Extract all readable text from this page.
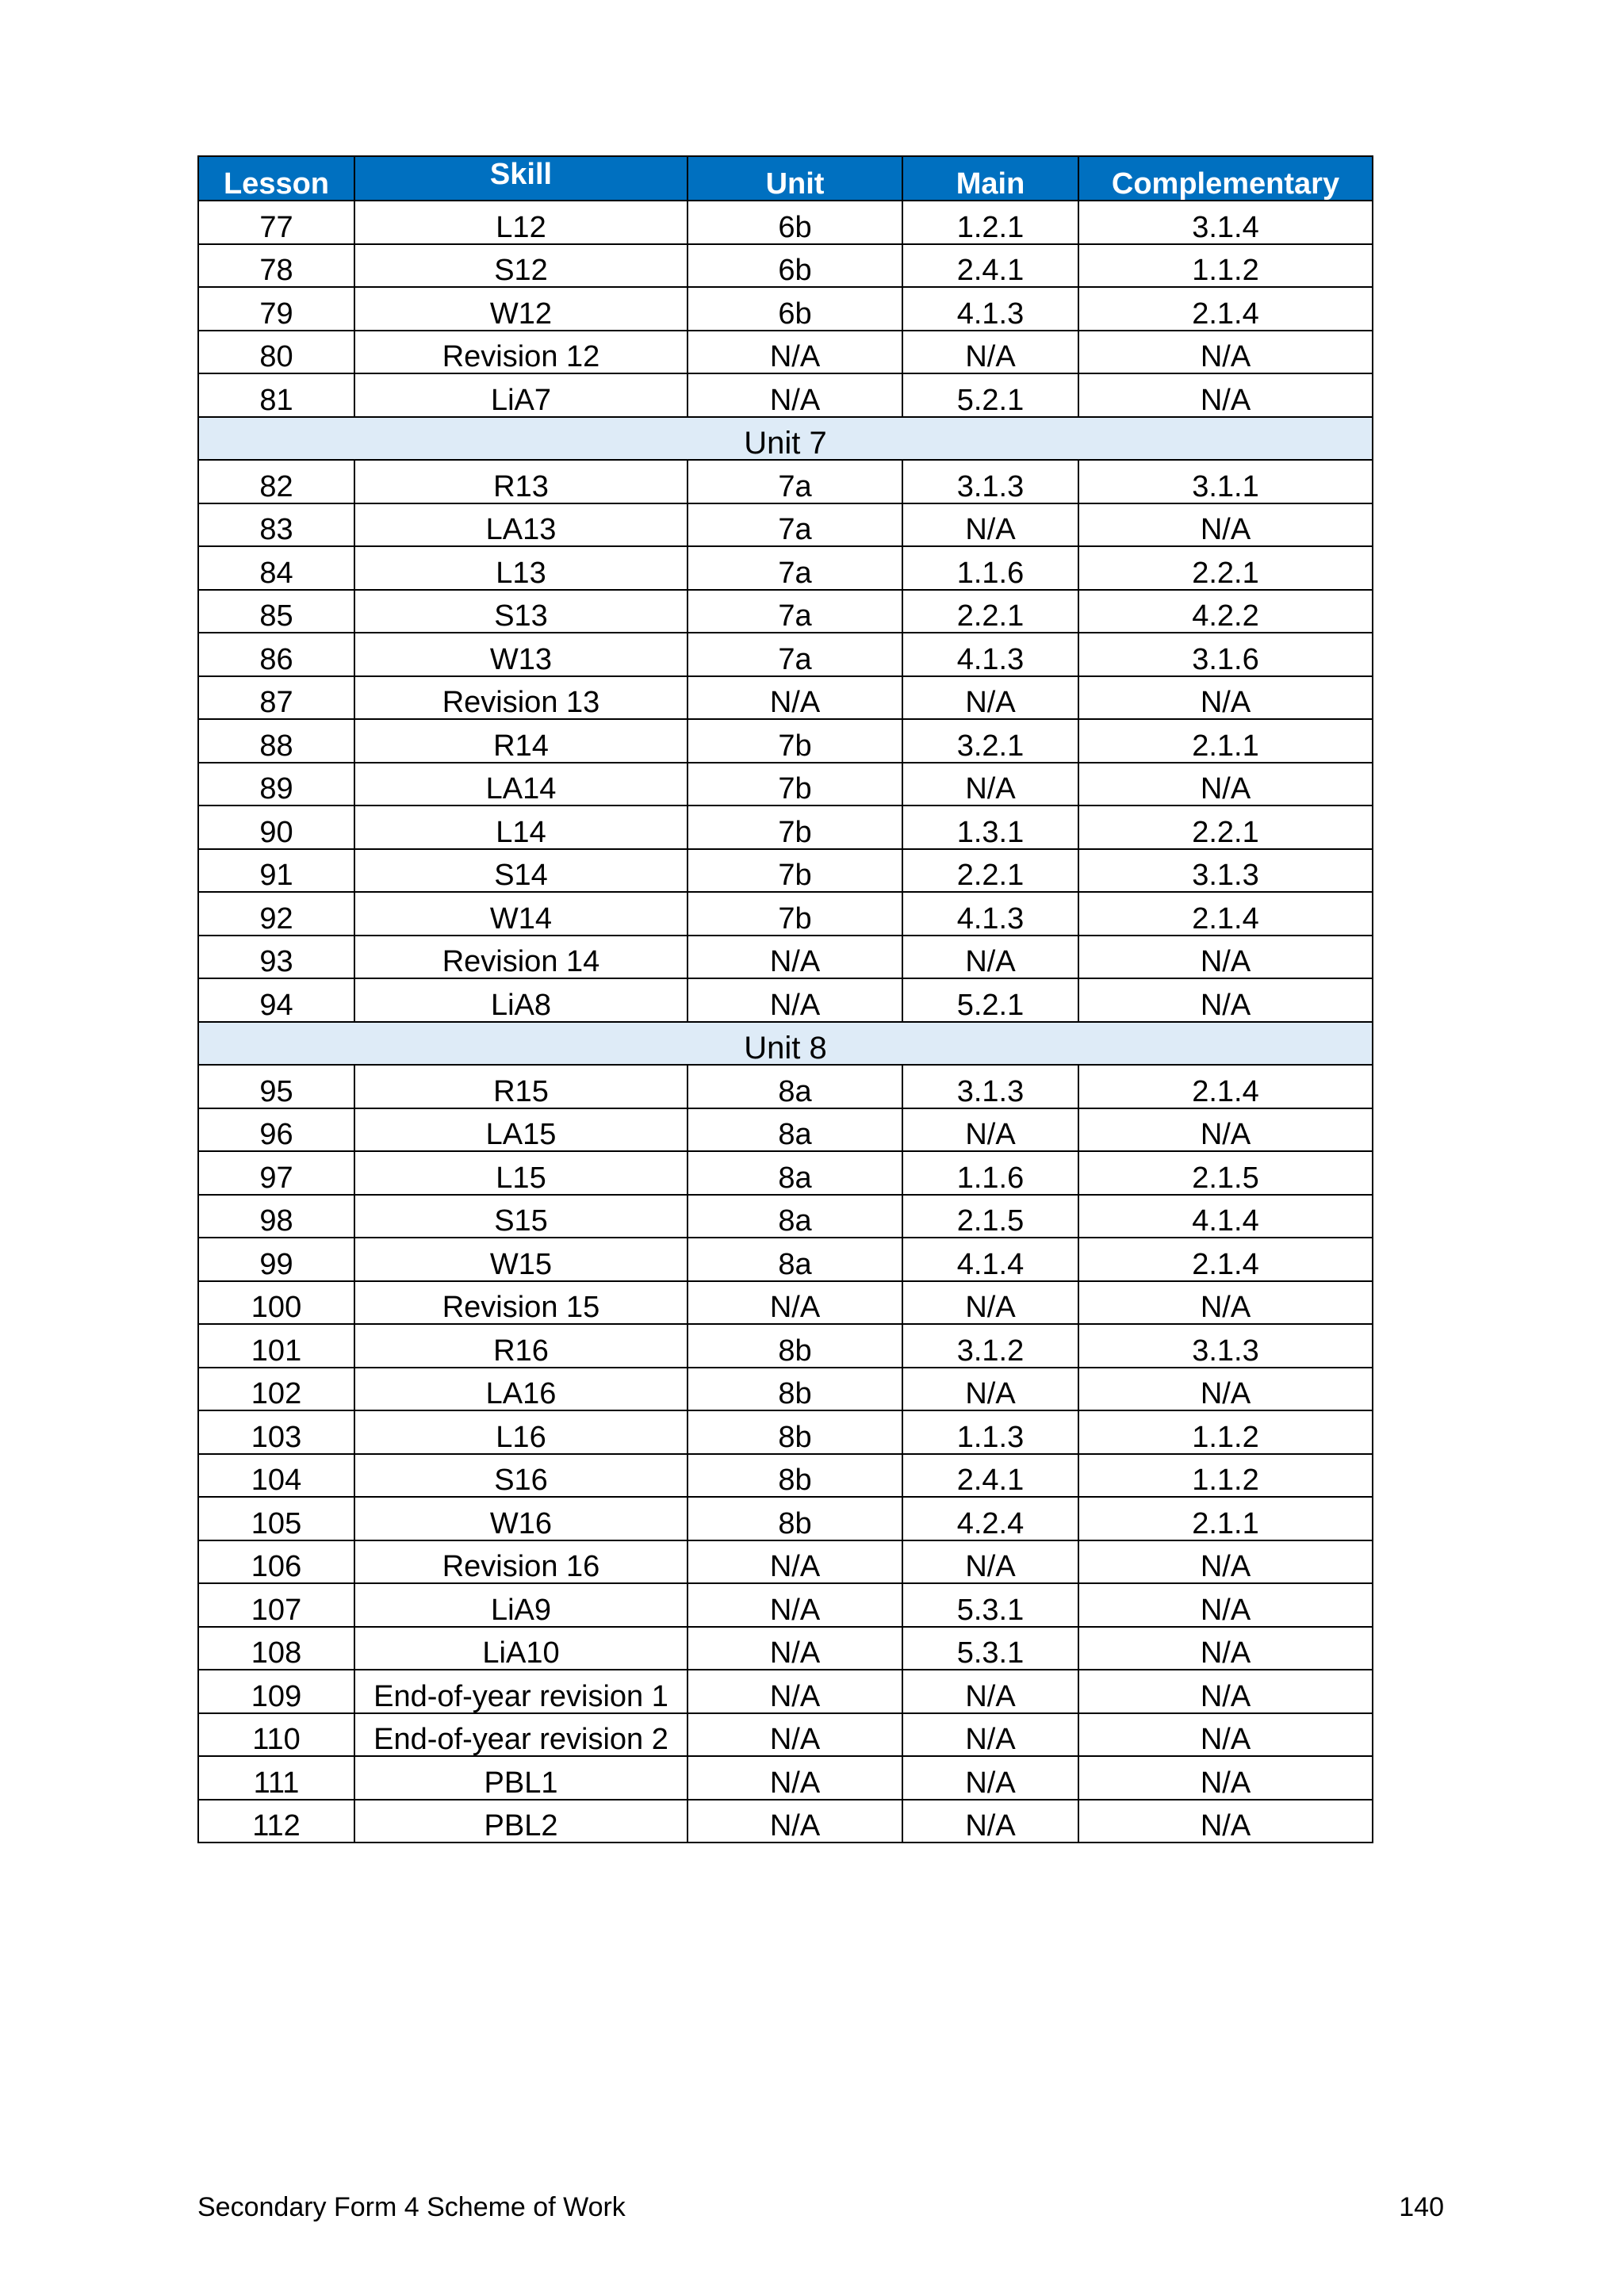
Lesson	Skill	Unit	Main	Complementary
77	L12	6b	1.2.1	3.1.4
78	S12	6b	2.4.1	1.1.2
79	W12	6b	4.1.3	2.1.4
80	Revision 12	N/A	N/A	N/A
81	LiA7	N/A	5.2.1	N/A
Unit 7				
82	R13	7a	3.1.3	3.1.1
83	LA13	7a	N/A	N/A
84	L13	7a	1.1.6	2.2.1
85	S13	7a	2.2.1	4.2.2
86	W13	7a	4.1.3	3.1.6
87	Revision 13	N/A	N/A	N/A
88	R14	7b	3.2.1	2.1.1
89	LA14	7b	N/A	N/A
90	L14	7b	1.3.1	2.2.1
91	S14	7b	2.2.1	3.1.3
92	W14	7b	4.1.3	2.1.4
93	Revision 14	N/A	N/A	N/A
94	LiA8	N/A	5.2.1	N/A
Unit 8				
95	R15	8a	3.1.3	2.1.4
96	LA15	8a	N/A	N/A
97	L15	8a	1.1.6	2.1.5
98	S15	8a	2.1.5	4.1.4
99	W15	8a	4.1.4	2.1.4
100	Revision 15	N/A	N/A	N/A
101	R16	8b	3.1.2	3.1.3
102	LA16	8b	N/A	N/A
103	L16	8b	1.1.3	1.1.2
104	S16	8b	2.4.1	1.1.2
105	W16	8b	4.2.4	2.1.1
106	Revision 16	N/A	N/A	N/A
107	LiA9	N/A	5.3.1	N/A
108	LiA10	N/A	5.3.1	N/A
109	End-of-year revision 1	N/A	N/A	N/A
110	End-of-year revision 2	N/A	N/A	N/A
111	PBL1	N/A	N/A	N/A
112	PBL2	N/A	N/A	N/A
Secondary Form 4 Scheme of Work	140
